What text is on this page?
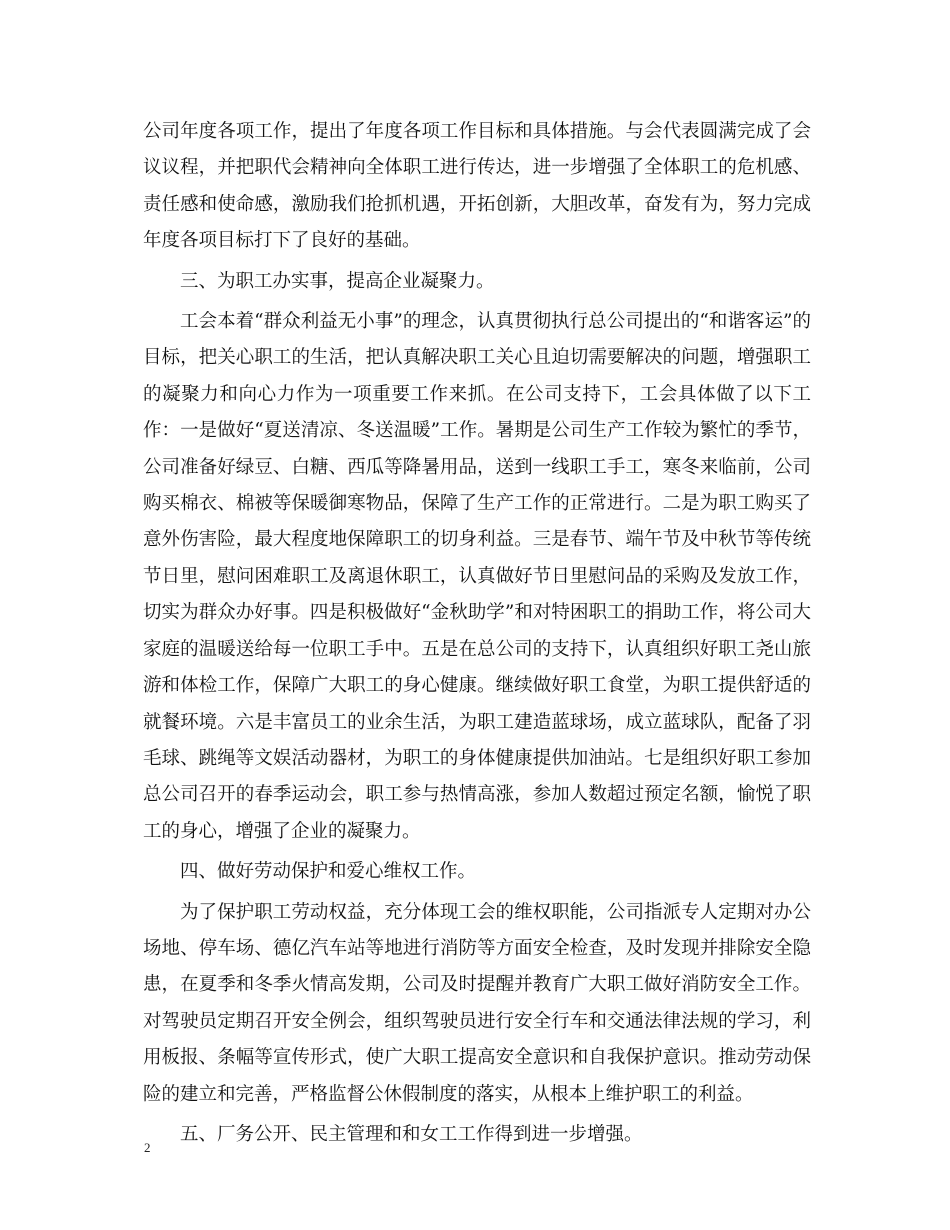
公司年度各项工作，提出了年度各项工作目标和具体措施。与会代表圆满完成了会议议程，并把职代会精神向全体职工进行传达，进一步增强了全体职工的危机感、责任感和使命感，激励我们抢抓机遇，开拓创新，大胆改革，奋发有为，努力完成年度各项目标打下了良好的基础。

三、为职工办实事，提高企业凝聚力。

工会本着“群众利益无小事”的理念，认真贯彻执行总公司提出的“和谐客运”的目标，把关心职工的生活，把认真解决职工关心且迫切需要解决的问题，增强职工的凝聚力和向心力作为一项重要工作来抓。在公司支持下，工会具体做了以下工作：一是做好“夏送清凉、冬送温暖”工作。暑期是公司生产工作较为繁忙的季节，公司准备好绿豆、白糖、西瓜等降暑用品，送到一线职工手工，寒冬来临前，公司购买棉衣、棉被等保暖御寒物品，保障了生产工作的正常进行。二是为职工购买了意外伤害险，最大程度地保障职工的切身利益。三是春节、端午节及中秋节等传统节日里，慰问困难职工及离退休职工，认真做好节日里慰问品的采购及发放工作，切实为群众办好事。四是积极做好“金秋助学”和对特困职工的捐助工作，将公司大家庭的温暖送给每一位职工手中。五是在总公司的支持下，认真组织好职工尧山旅游和体检工作，保障广大职工的身心健康。继续做好职工食堂，为职工提供舒适的就餐环境。六是丰富员工的业余生活，为职工建造蓝球场，成立蓝球队，配备了羽毛球、跳绳等文娱活动器材，为职工的身体健康提供加油站。七是组织好职工参加总公司召开的春季运动会，职工参与热情高涨，参加人数超过预定名额，愉悦了职工的身心，增强了企业的凝聚力。

四、做好劳动保护和爱心维权工作。

为了保护职工劳动权益，充分体现工会的维权职能，公司指派专人定期对办公场地、停车场、德亿汽车站等地进行消防等方面安全检查，及时发现并排除安全隐患，在夏季和冬季火情高发期，公司及时提醒并教育广大职工做好消防安全工作。对驾驶员定期召开安全例会，组织驾驶员进行安全行车和交通法律法规的学习，利用板报、条幅等宣传形式，使广大职工提高安全意识和自我保护意识。推动劳动保险的建立和完善，严格监督公休假制度的落实，从根本上维护职工的利益。

五、厂务公开、民主管理和和女工工作得到进一步增强。

2
